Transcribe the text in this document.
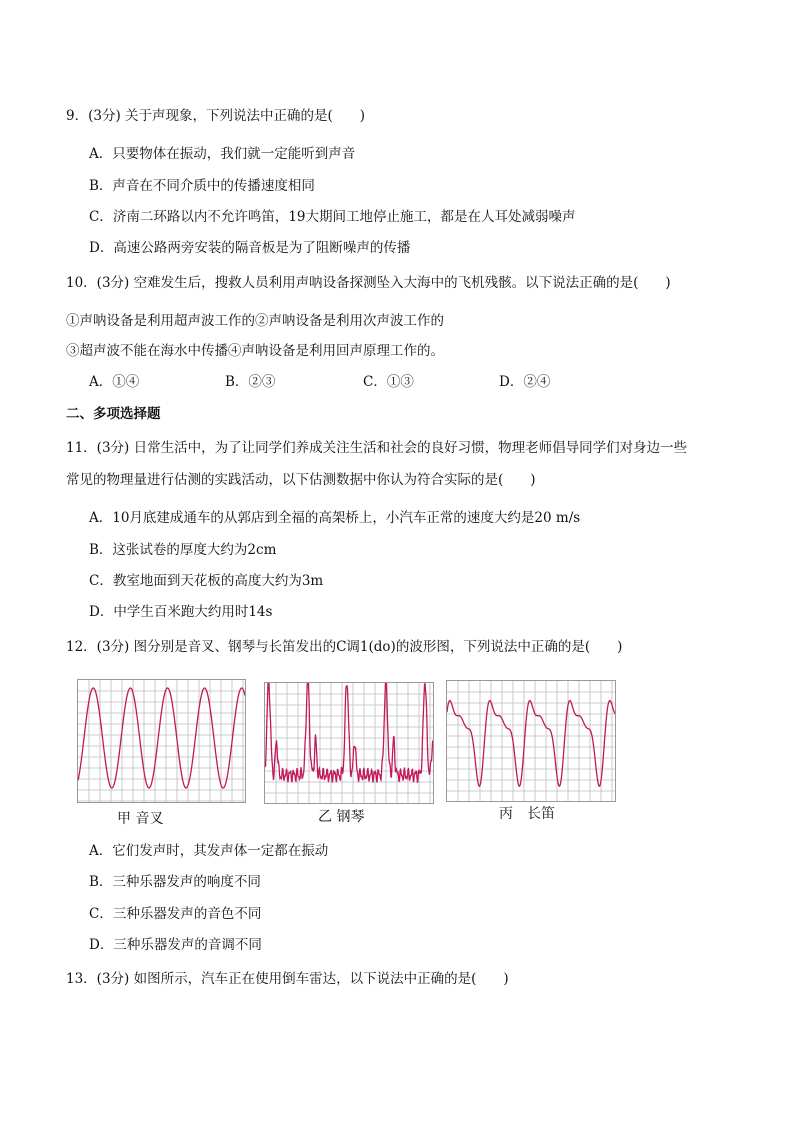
9．(3分) 关于声现象，下列说法中正确的是(　　)
A．只要物体在振动，我们就一定能听到声音
B．声音在不同介质中的传播速度相同
C．济南二环路以内不允许鸣笛，19大期间工地停止施工，都是在人耳处减弱噪声
D．高速公路两旁安装的隔音板是为了阻断噪声的传播
10．(3分) 空难发生后，搜救人员利用声呐设备探测坠入大海中的飞机残骸。以下说法正确的是(　　)
①声呐设备是利用超声波工作的②声呐设备是利用次声波工作的
③超声波不能在海水中传播④声呐设备是利用回声原理工作的。
A．①④	B．②③	C．①③	D．②④
二、多项选择题
11．(3分) 日常生活中，为了让同学们养成关注生活和社会的良好习惯，物理老师倡导同学们对身边一些
常见的物理量进行估测的实践活动，以下估测数据中你认为符合实际的是(　　)
A．10月底建成通车的从郭店到全福的高架桥上，小汽车正常的速度大约是20 m/s
B．这张试卷的厚度大约为2cm
C．教室地面到天花板的高度大约为3m
D．中学生百米跑大约用时14s
12．(3分) 图分别是音叉、钢琴与长笛发出的C调1(do)的波形图，下列说法中正确的是(　　)
甲 音叉	乙 钢琴	丙　长笛
A．它们发声时，其发声体一定都在振动
B．三种乐器发声的响度不同
C．三种乐器发声的音色不同
D．三种乐器发声的音调不同
13．(3分) 如图所示，汽车正在使用倒车雷达，以下说法中正确的是(　　)
